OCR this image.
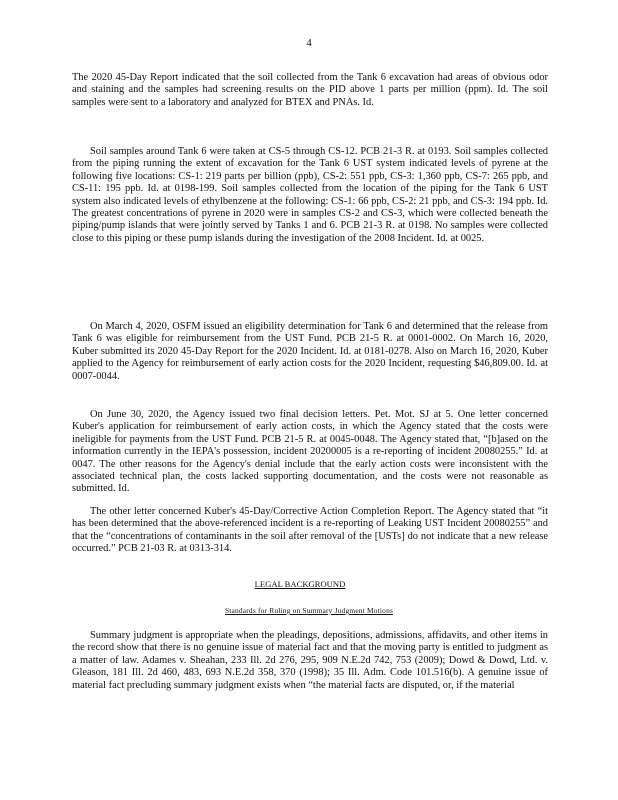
4

The 2020 45-Day Report indicated that the soil collected from the Tank 6 excavation had areas of obvious odor and staining and the samples had screening results on the PID above 1 parts per million (ppm). Id. The soil samples were sent to a laboratory and analyzed for BTEX and PNAs. Id.

Soil samples around Tank 6 were taken at CS-5 through CS-12. PCB 21-3 R. at 0193. Soil samples collected from the piping running the extent of excavation for the Tank 6 UST system indicated levels of pyrene at the following five locations: CS-1: 219 parts per billion (ppb), CS-2: 551 ppb, CS-3: 1,360 ppb, CS-7: 265 ppb, and CS-11: 195 ppb. Id. at 0198-199. Soil samples collected from the location of the piping for the Tank 6 UST system also indicated levels of ethylbenzene at the following: CS-1: 66 ppb, CS-2: 21 ppb, and CS-3: 194 ppb. Id. The greatest concentrations of pyrene in 2020 were in samples CS-2 and CS-3, which were collected beneath the piping/pump islands that were jointly served by Tanks 1 and 6. PCB 21-3 R. at 0198. No samples were collected close to this piping or these pump islands during the investigation of the 2008 Incident. Id. at 0025.

On March 4, 2020, OSFM issued an eligibility determination for Tank 6 and determined that the release from Tank 6 was eligible for reimbursement from the UST Fund. PCB 21-5 R. at 0001-0002. On March 16, 2020, Kuber submitted its 2020 45-Day Report for the 2020 Incident. Id. at 0181-0278. Also on March 16, 2020, Kuber applied to the Agency for reimbursement of early action costs for the 2020 Incident, requesting $46,809.00. Id. at 0007-0044.

On June 30, 2020, the Agency issued two final decision letters. Pet. Mot. SJ at 5. One letter concerned Kuber's application for reimbursement of early action costs, in which the Agency stated that the costs were ineligible for payments from the UST Fund. PCB 21-5 R. at 0045-0048. The Agency stated that, “[b]ased on the information currently in the IEPA's possession, incident 20200005 is a re-reporting of incident 20080255.” Id. at 0047. The other reasons for the Agency's denial include that the early action costs were inconsistent with the associated technical plan, the costs lacked supporting documentation, and the costs were not reasonable as submitted. Id.

The other letter concerned Kuber's 45-Day/Corrective Action Completion Report. The Agency stated that “it has been determined that the above-referenced incident is a re-reporting of Leaking UST Incident 20080255” and that the “concentrations of contaminants in the soil after removal of the [USTs] do not indicate that a new release occurred.” PCB 21-03 R. at 0313-314.

LEGAL BACKGROUND
Standards for Ruling on Summary Judgment Motions

Summary judgment is appropriate when the pleadings, depositions, admissions, affidavits, and other items in the record show that there is no genuine issue of material fact and that the moving party is entitled to judgment as a matter of law. Adames v. Sheahan, 233 Ill. 2d 276, 295, 909 N.E.2d 742, 753 (2009); Dowd & Dowd, Ltd. v. Gleason, 181 Ill. 2d 460, 483, 693 N.E.2d 358, 370 (1998); 35 Ill. Adm. Code 101.516(b). A genuine issue of material fact precluding summary judgment exists when “the material facts are disputed, or, if the material
